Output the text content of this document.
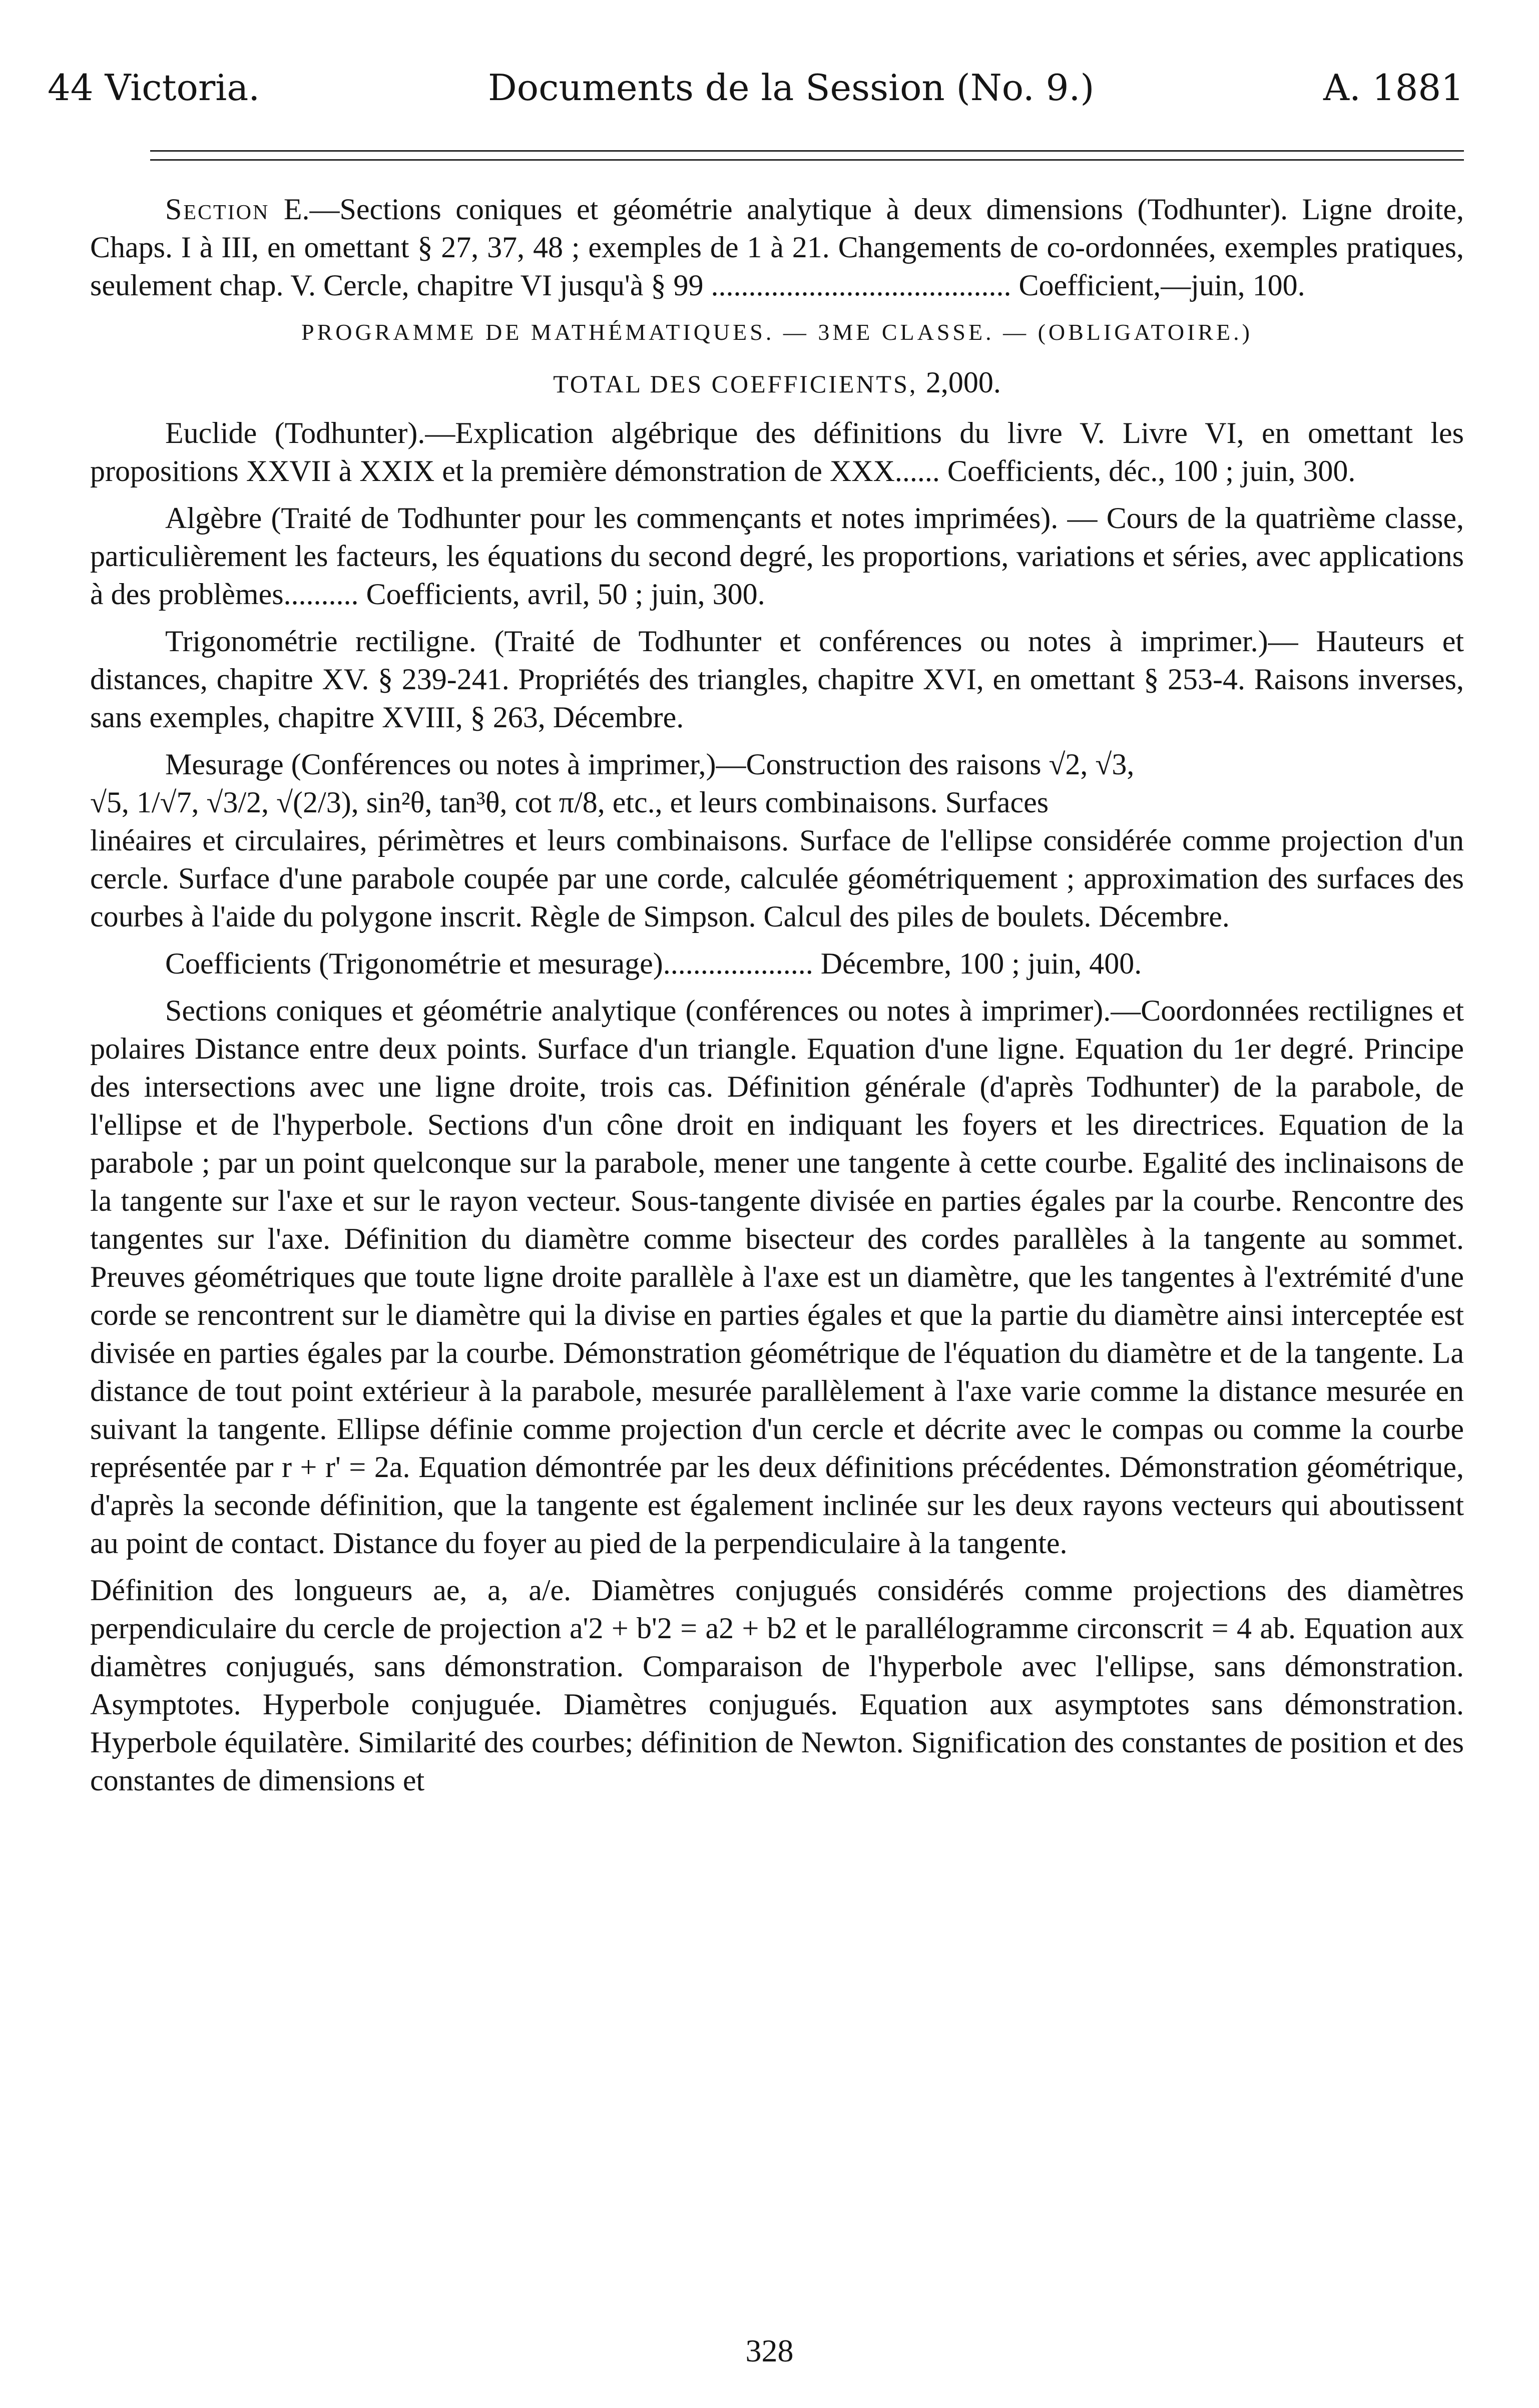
44 Victoria.	Documents de la Session (No. 9.)	A. 1881

Section E.—Sections coniques et géométrie analytique à deux dimensions (Todhunter). Ligne droite, Chaps. I à III, en omettant § 27, 37, 48 ; exemples de 1 à 21. Changements de co-ordonnées, exemples pratiques, seulement chap. V. Cercle, chapitre VI jusqu'à § 99 ........................................ Coefficient,—juin, 100.

PROGRAMME DE MATHÉMATIQUES. — 3ME CLASSE. — (OBLIGATOIRE.)
TOTAL DES COEFFICIENTS, 2,000.

Euclide (Todhunter).—Explication algébrique des définitions du livre V. Livre VI, en omettant les propositions XXVII à XXIX et la première démonstration de XXX...... Coefficients, déc., 100 ; juin, 300.

Algèbre (Traité de Todhunter pour les commençants et notes imprimées). — Cours de la quatrième classe, particulièrement les facteurs, les équations du second degré, les proportions, variations et séries, avec applications à des problèmes.......... Coefficients, avril, 50 ; juin, 300.

Trigonométrie rectiligne. (Traité de Todhunter et conférences ou notes à imprimer.)— Hauteurs et distances, chapitre XV. § 239-241. Propriétés des triangles, chapitre XVI, en omettant § 253-4. Raisons inverses, sans exemples, chapitre XVIII, § 263, Décembre.

Mesurage (Conférences ou notes à imprimer,)—Construction des raisons √2, √3,

√5, 1/√7, √3/2, √(2/3), sin²θ, tan³θ, cot π/8, etc., et leurs combinaisons. Surfaces

linéaires et circulaires, périmètres et leurs combinaisons. Surface de l'ellipse considérée comme projection d'un cercle. Surface d'une parabole coupée par une corde, calculée géométriquement ; approximation des surfaces des courbes à l'aide du polygone inscrit. Règle de Simpson. Calcul des piles de boulets. Décembre.

Coefficients (Trigonométrie et mesurage).................... Décembre, 100 ; juin, 400.

Sections coniques et géométrie analytique (conférences ou notes à imprimer).—Coordonnées rectilignes et polaires Distance entre deux points. Surface d'un triangle. Equation d'une ligne. Equation du 1er degré. Principe des intersections avec une ligne droite, trois cas. Définition générale (d'après Todhunter) de la parabole, de l'ellipse et de l'hyperbole. Sections d'un cône droit en indiquant les foyers et les directrices. Equation de la parabole ; par un point quelconque sur la parabole, mener une tangente à cette courbe. Egalité des inclinaisons de la tangente sur l'axe et sur le rayon vecteur. Sous-tangente divisée en parties égales par la courbe. Rencontre des tangentes sur l'axe. Définition du diamètre comme bisecteur des cordes parallèles à la tangente au sommet. Preuves géométriques que toute ligne droite parallèle à l'axe est un diamètre, que les tangentes à l'extrémité d'une corde se rencontrent sur le diamètre qui la divise en parties égales et que la partie du diamètre ainsi interceptée est divisée en parties égales par la courbe. Démonstration géométrique de l'équation du diamètre et de la tangente. La distance de tout point extérieur à la parabole, mesurée parallèlement à l'axe varie comme la distance mesurée en suivant la tangente. Ellipse définie comme projection d'un cercle et décrite avec le compas ou comme la courbe représentée par r + r' = 2a. Equation démontrée par les deux définitions précédentes. Démonstration géométrique, d'après la seconde définition, que la tangente est également inclinée sur les deux rayons vecteurs qui aboutissent au point de contact. Distance du foyer au pied de la perpendiculaire à la tangente.

Définition des longueurs ae, a, a/e. Diamètres conjugués considérés comme projections des diamètres perpendiculaire du cercle de projection a'2 + b'2 = a2 + b2 et le parallélogramme circonscrit = 4 ab. Equation aux diamètres conjugués, sans démonstration. Comparaison de l'hyperbole avec l'ellipse, sans démonstration. Asymptotes. Hyperbole conjuguée. Diamètres conjugués. Equation aux asymptotes sans démonstration. Hyperbole équilatère. Similarité des courbes; définition de Newton. Signification des constantes de position et des constantes de dimensions et

328
